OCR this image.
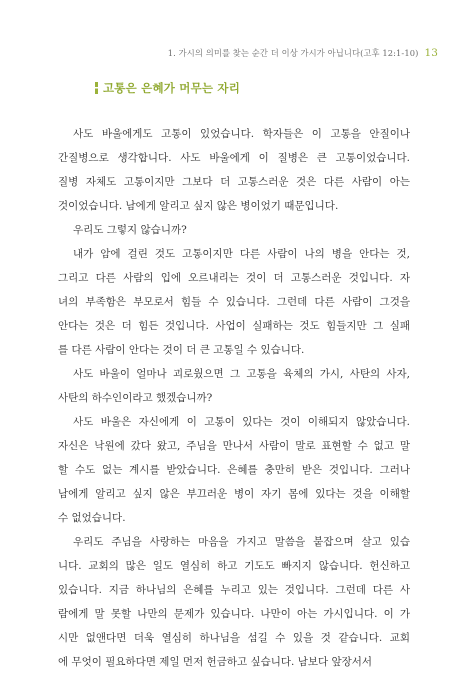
1. 가시의 의미를 찾는 순간 더 이상 가시가 아닙니다(고후 12:1-10) 13
고통은 은혜가 머무는 자리
사도 바울에게도 고통이 있었습니다. 학자들은 이 고통을 안질이나
간질병으로 생각합니다. 사도 바울에게 이 질병은 큰 고통이었습니다.
질병 자체도 고통이지만 그보다 더 고통스러운 것은 다른 사람이 아는
것이었습니다. 남에게 알리고 싶지 않은 병이었기 때문입니다.
우리도 그렇지 않습니까?
내가 암에 걸린 것도 고통이지만 다른 사람이 나의 병을 안다는 것,
그리고 다른 사람의 입에 오르내리는 것이 더 고통스러운 것입니다. 자
녀의 부족함은 부모로서 힘들 수 있습니다. 그런데 다른 사람이 그것을
안다는 것은 더 힘든 것입니다. 사업이 실패하는 것도 힘들지만 그 실패
를 다른 사람이 안다는 것이 더 큰 고통일 수 있습니다.
사도 바울이 얼마나 괴로웠으면 그 고통을 육체의 가시, 사탄의 사자,
사탄의 하수인이라고 했겠습니까?
사도 바울은 자신에게 이 고통이 있다는 것이 이해되지 않았습니다.
자신은 낙원에 갔다 왔고, 주님을 만나서 사람이 말로 표현할 수 없고 말
할 수도 없는 계시를 받았습니다. 은혜를 충만히 받은 것입니다. 그러나
남에게 알리고 싶지 않은 부끄러운 병이 자기 몸에 있다는 것을 이해할
수 없었습니다.
우리도 주님을 사랑하는 마음을 가지고 말씀을 붙잡으며 살고 있습
니다. 교회의 많은 일도 열심히 하고 기도도 빠지지 않습니다. 헌신하고
있습니다. 지금 하나님의 은혜를 누리고 있는 것입니다. 그런데 다른 사
람에게 말 못할 나만의 문제가 있습니다. 나만이 아는 가시입니다. 이 가
시만 없앤다면 더욱 열심히 하나님을 섬길 수 있을 것 같습니다. 교회
에 무엇이 필요하다면 제일 먼저 헌금하고 싶습니다. 남보다 앞장서서
